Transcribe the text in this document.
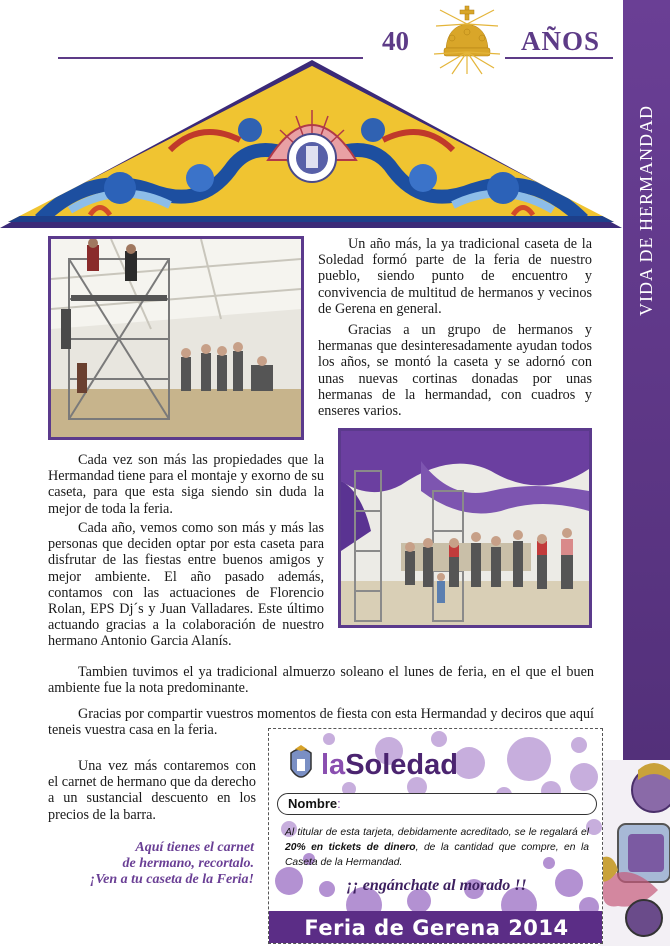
40	AÑOS
VIDA DE HERMANDAD
Un año más, la ya tradicional caseta de la Soledad formó parte de la feria de nuestro pueblo, siendo punto de encuentro y convivencia de multitud de hermanos y vecinos de Gerena en general.
Gracias a un grupo de hermanos y hermanas que desinteresadamente ayudan todos los años, se montó la caseta y se adornó con unas nuevas cortinas donadas por unas hermanas de la hermandad, con cuadros y enseres varios.
Cada vez son más las propiedades que la Hermandad tiene para el montaje y exorno de su caseta, para que esta siga siendo sin duda la mejor de toda la feria.
Cada año, vemos como son más y más las personas que deciden optar por esta caseta para disfrutar de las fiestas entre buenos amigos y mejor ambiente. El año pasado además, contamos con las actuaciones de Florencio Rolan, EPS Dj´s y Juan Valladares. Este último actuando gracias a la colaboración de nuestro hermano Antonio Garcia Alanís.
Tambien tuvimos el ya tradicional almuerzo soleano el lunes de feria, en el que el buen ambiente fue la nota predominante.
Gracias por compartir vuestros momentos de fiesta con esta Hermandad y deciros que aquí teneis vuestra casa en la feria.
Una vez más contaremos con el carnet de hermano que da derecho a un sustancial descuento en los precios de la barra.
Aquí tienes el carnet
de hermano, recortalo.
¡Ven a tu caseta de la Feria!
la Soledad
Nombre:
Al titular de esta tarjeta, debidamente acreditado, se le regalará el 20% en tickets de dinero, de la cantidad que compre, en la Caseta de la Hermandad.
¡¡ engánchate al morado !!
Feria de Gerena 2014
